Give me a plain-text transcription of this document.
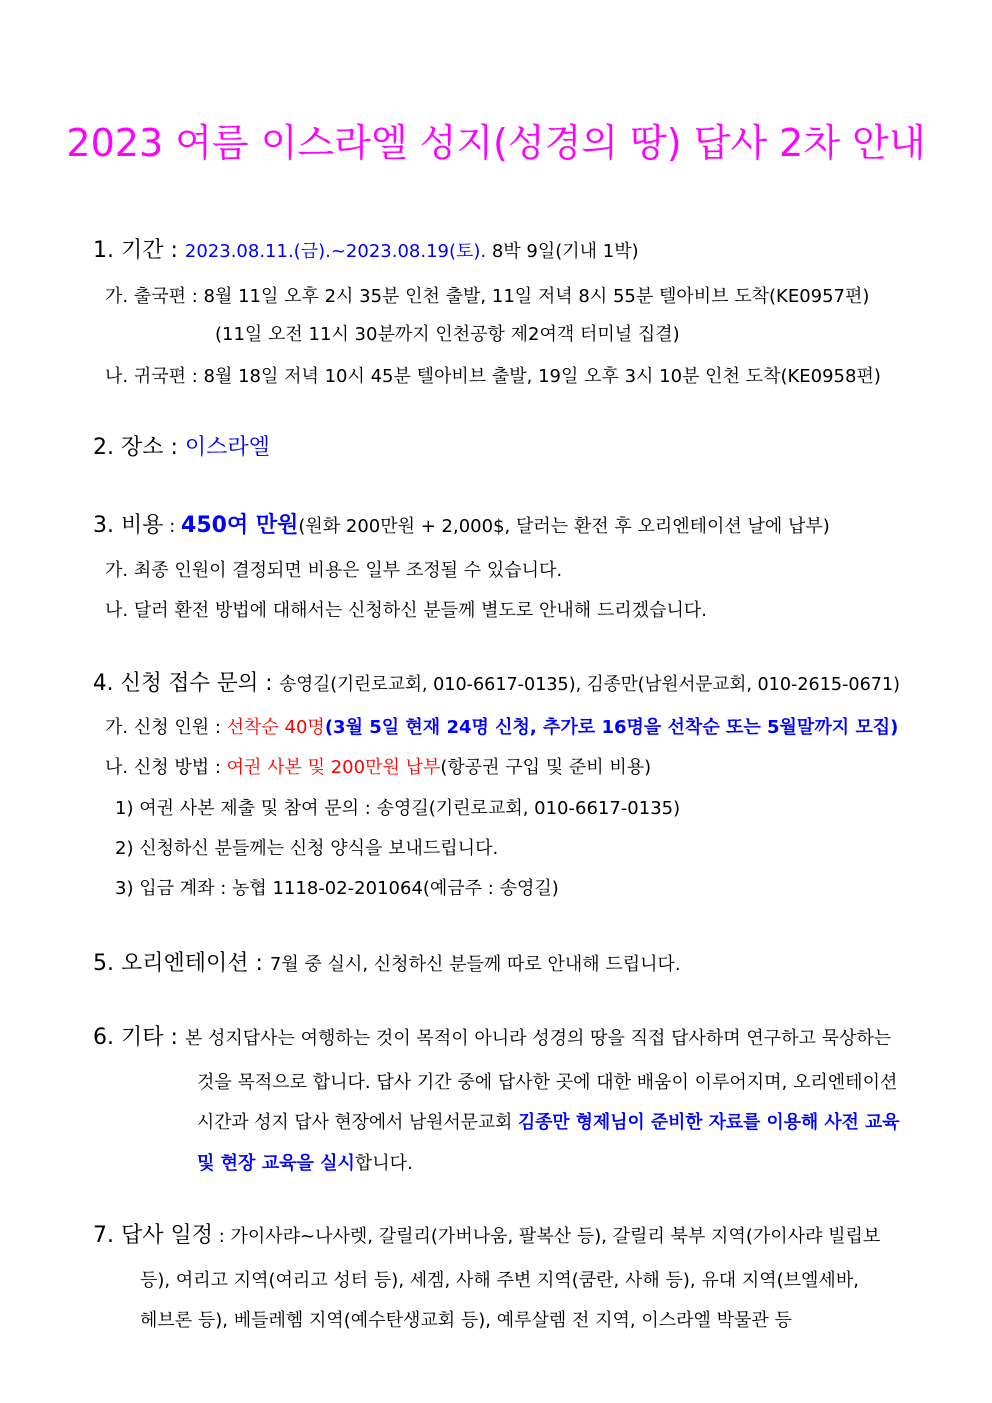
2023 여름 이스라엘 성지(성경의 땅) 답사 2차 안내
1. 기간 : 2023.08.11.(금).~2023.08.19(토). 8박 9일(기내 1박)
가. 출국편 : 8월 11일 오후 2시 35분 인천 출발, 11일 저녁 8시 55분 텔아비브 도착(KE0957편)
(11일 오전 11시 30분까지 인천공항 제2여객 터미널 집결)
나. 귀국편 : 8월 18일 저녁 10시 45분 텔아비브 출발, 19일 오후 3시 10분 인천 도착(KE0958편)
2. 장소 : 이스라엘
3. 비용 : 450여 만원(원화 200만원 + 2,000$, 달러는 환전 후 오리엔테이션 날에 납부)
가. 최종 인원이 결정되면 비용은 일부 조정될 수 있습니다.
나. 달러 환전 방법에 대해서는 신청하신 분들께 별도로 안내해 드리겠습니다.
4. 신청 접수 문의 : 송영길(기린로교회, 010-6617-0135), 김종만(남원서문교회, 010-2615-0671)
가. 신청 인원 : 선착순 40명(3월 5일 현재 24명 신청, 추가로 16명을 선착순 또는 5월말까지 모집)
나. 신청 방법 : 여권 사본 및 200만원 납부(항공권 구입 및 준비 비용)
1) 여권 사본 제출 및 참여 문의 : 송영길(기린로교회, 010-6617-0135)
2) 신청하신 분들께는 신청 양식을 보내드립니다.
3) 입금 계좌 : 농협 1118-02-201064(예금주 : 송영길)
5. 오리엔테이션 : 7월 중 실시, 신청하신 분들께 따로 안내해 드립니다.
6. 기타 : 본 성지답사는 여행하는 것이 목적이 아니라 성경의 땅을 직접 답사하며 연구하고 묵상하는
것을 목적으로 합니다. 답사 기간 중에 답사한 곳에 대한 배움이 이루어지며, 오리엔테이션
시간과 성지 답사 현장에서 남원서문교회 김종만 형제님이 준비한 자료를 이용해 사전 교육
및 현장 교육을 실시합니다.
7. 답사 일정 : 가이사랴~나사렛, 갈릴리(가버나움, 팔복산 등), 갈릴리 북부 지역(가이사랴 빌립보
등), 여리고 지역(여리고 성터 등), 세겜, 사해 주변 지역(쿰란, 사해 등), 유대 지역(브엘세바,
헤브론 등), 베들레헴 지역(예수탄생교회 등), 예루살렘 전 지역, 이스라엘 박물관 등
